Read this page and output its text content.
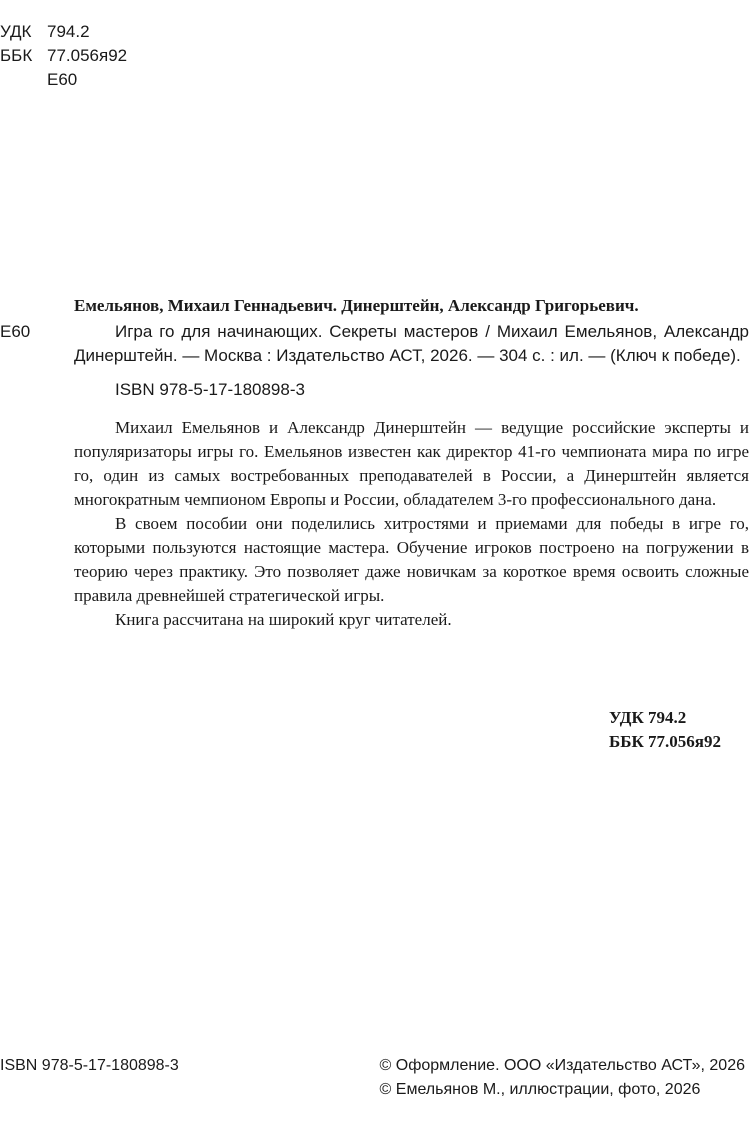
УДК 794.2
ББК 77.056я92
Е60
Е60

Емельянов, Михаил Геннадьевич. Динерштейн, Александр Григорьевич.

Игра го для начинающих. Секреты мастеров / Михаил Емельянов, Александр Динерштейн. — Москва : Издательство АСТ, 2026. — 304 с. : ил. — (Ключ к победе).

ISBN 978-5-17-180898-3

Михаил Емельянов и Александр Динерштейн — ведущие российские эксперты и популяризаторы игры го. Емельянов известен как директор 41-го чемпионата мира по игре го, один из самых востребованных преподавателей в России, а Динерштейн является многократным чемпионом Европы и России, обладателем 3-го профессионального дана.

В своем пособии они поделились хитростями и приемами для победы в игре го, которыми пользуются настоящие мастера. Обучение игроков построено на погружении в теорию через практику. Это позволяет даже новичкам за короткое время освоить сложные правила древнейшей стратегической игры.

Книга рассчитана на широкий круг читателей.

УДК 794.2
ББК 77.056я92
ISBN 978-5-17-180898-3	© Оформление. ООО «Издательство АСТ», 2026
© Емельянов М., иллюстрации, фото, 2026
